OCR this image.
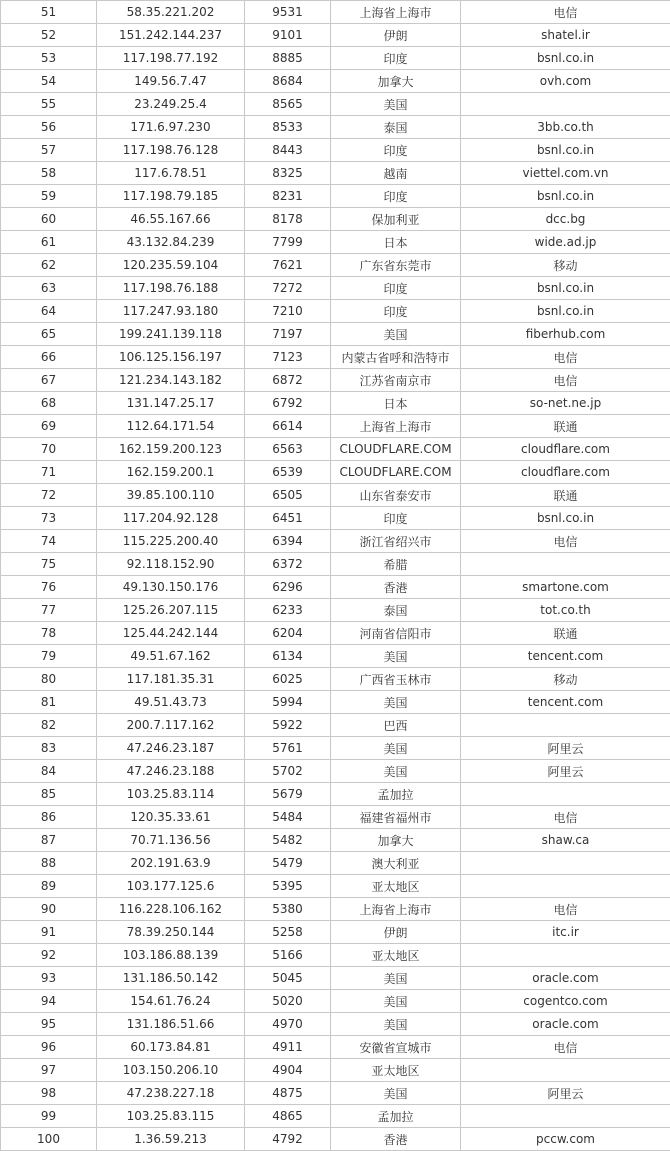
51	58.35.221.202	9531	上海省上海市	电信
52	151.242.144.237	9101	伊朗	shatel.ir
53	117.198.77.192	8885	印度	bsnl.co.in
54	149.56.7.47	8684	加拿大	ovh.com
55	23.249.25.4	8565	美国	
56	171.6.97.230	8533	泰国	3bb.co.th
57	117.198.76.128	8443	印度	bsnl.co.in
58	117.6.78.51	8325	越南	viettel.com.vn
59	117.198.79.185	8231	印度	bsnl.co.in
60	46.55.167.66	8178	保加利亚	dcc.bg
61	43.132.84.239	7799	日本	wide.ad.jp
62	120.235.59.104	7621	广东省东莞市	移动
63	117.198.76.188	7272	印度	bsnl.co.in
64	117.247.93.180	7210	印度	bsnl.co.in
65	199.241.139.118	7197	美国	fiberhub.com
66	106.125.156.197	7123	内蒙古省呼和浩特市	电信
67	121.234.143.182	6872	江苏省南京市	电信
68	131.147.25.17	6792	日本	so-net.ne.jp
69	112.64.171.54	6614	上海省上海市	联通
70	162.159.200.123	6563	CLOUDFLARE.COM	cloudflare.com
71	162.159.200.1	6539	CLOUDFLARE.COM	cloudflare.com
72	39.85.100.110	6505	山东省泰安市	联通
73	117.204.92.128	6451	印度	bsnl.co.in
74	115.225.200.40	6394	浙江省绍兴市	电信
75	92.118.152.90	6372	希腊	
76	49.130.150.176	6296	香港	smartone.com
77	125.26.207.115	6233	泰国	tot.co.th
78	125.44.242.144	6204	河南省信阳市	联通
79	49.51.67.162	6134	美国	tencent.com
80	117.181.35.31	6025	广西省玉林市	移动
81	49.51.43.73	5994	美国	tencent.com
82	200.7.117.162	5922	巴西	
83	47.246.23.187	5761	美国	阿里云
84	47.246.23.188	5702	美国	阿里云
85	103.25.83.114	5679	孟加拉	
86	120.35.33.61	5484	福建省福州市	电信
87	70.71.136.56	5482	加拿大	shaw.ca
88	202.191.63.9	5479	澳大利亚	
89	103.177.125.6	5395	亚太地区	
90	116.228.106.162	5380	上海省上海市	电信
91	78.39.250.144	5258	伊朗	itc.ir
92	103.186.88.139	5166	亚太地区	
93	131.186.50.142	5045	美国	oracle.com
94	154.61.76.24	5020	美国	cogentco.com
95	131.186.51.66	4970	美国	oracle.com
96	60.173.84.81	4911	安徽省宣城市	电信
97	103.150.206.10	4904	亚太地区	
98	47.238.227.18	4875	美国	阿里云
99	103.25.83.115	4865	孟加拉	
100	1.36.59.213	4792	香港	pccw.com
